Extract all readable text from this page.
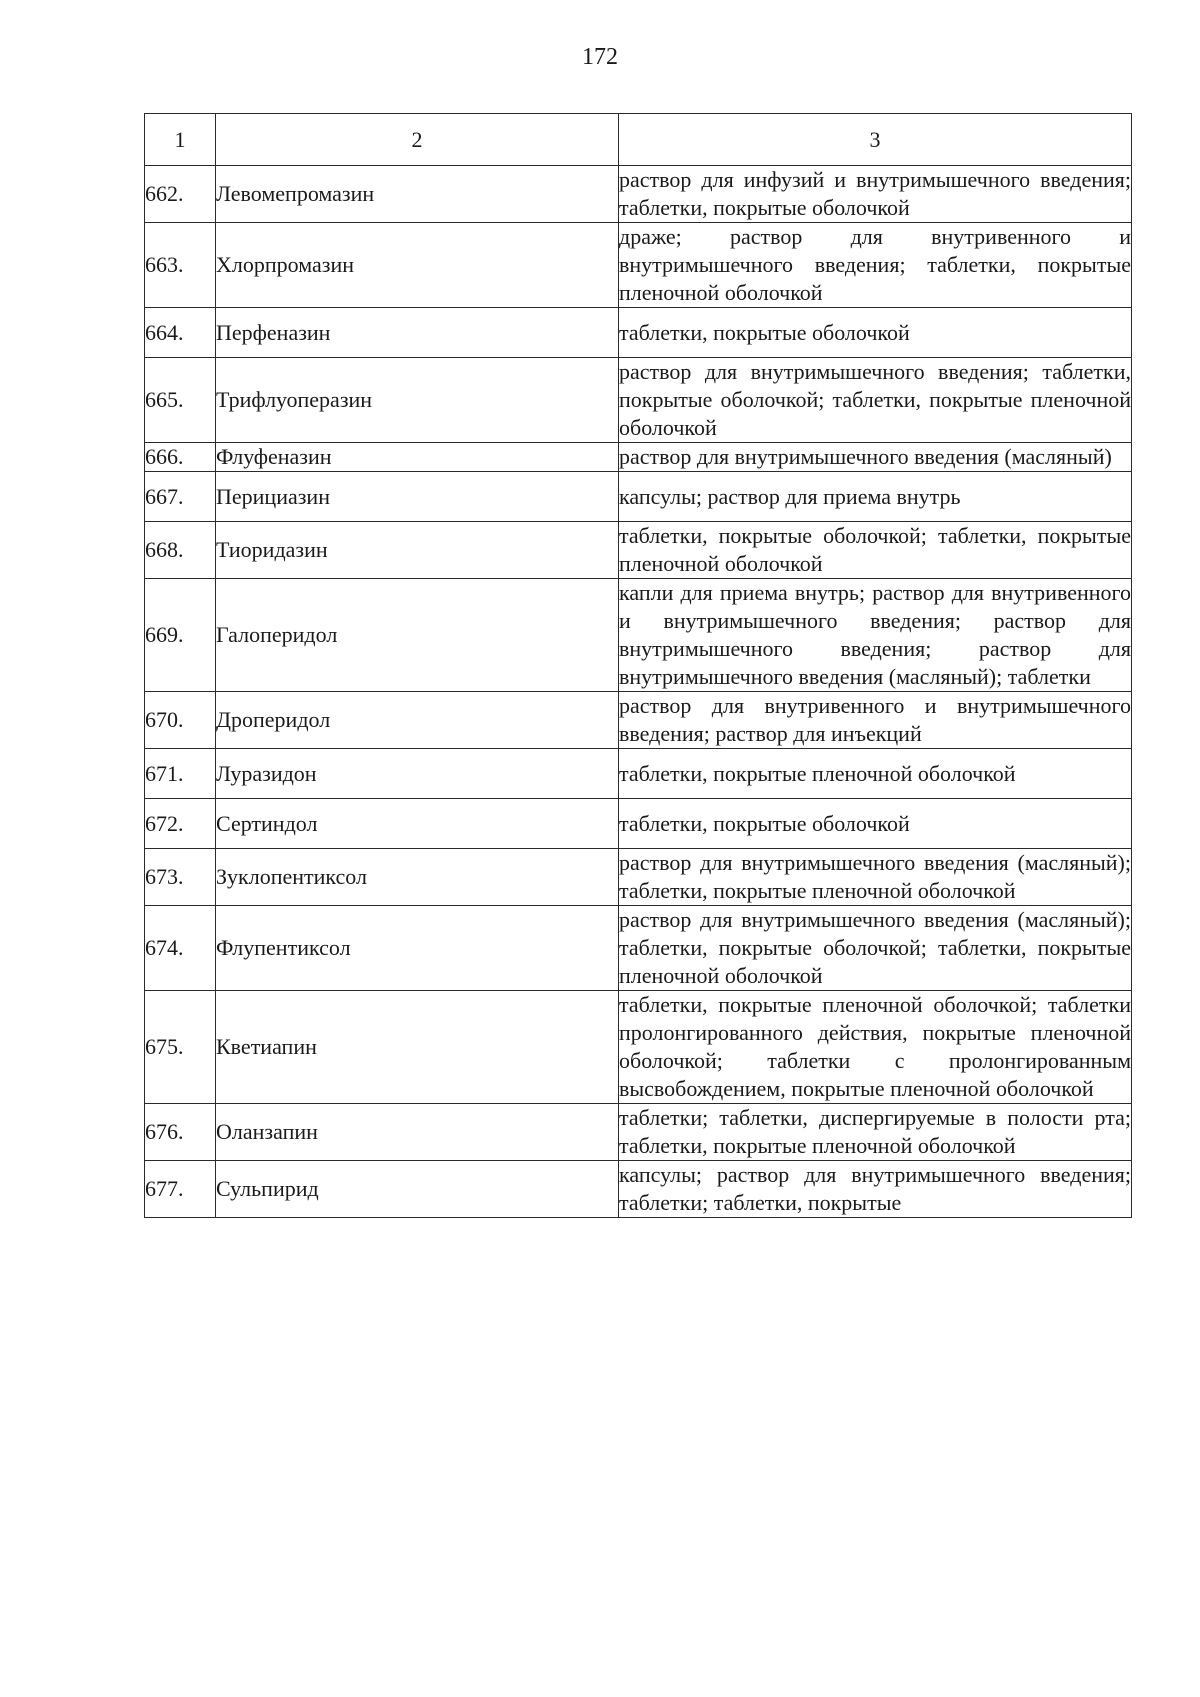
172
1	2	3
662.	Левомепромазин	раствор для инфузий и внутримышечного введения; таблетки, покрытые оболочкой
663.	Хлорпромазин	драже; раствор для внутривенного и внутримышечного введения; таблетки, покрытые пленочной оболочкой
664.	Перфеназин	таблетки, покрытые оболочкой
665.	Трифлуоперазин	раствор для внутримышечного введения; таблетки, покрытые оболочкой; таблетки, покрытые пленочной оболочкой
666.	Флуфеназин	раствор для внутримышечного введения (масляный)
667.	Перициазин	капсулы; раствор для приема внутрь
668.	Тиоридазин	таблетки, покрытые оболочкой; таблетки, покрытые пленочной оболочкой
669.	Галоперидол	капли для приема внутрь; раствор для внутривенного и внутримышечного введения; раствор для внутримышечного введения; раствор для внутримышечного введения (масляный); таблетки
670.	Дроперидол	раствор для внутривенного и внутримышечного введения; раствор для инъекций
671.	Луразидон	таблетки, покрытые пленочной оболочкой
672.	Сертиндол	таблетки, покрытые оболочкой
673.	Зуклопентиксол	раствор для внутримышечного введения (масляный); таблетки, покрытые пленочной оболочкой
674.	Флупентиксол	раствор для внутримышечного введения (масляный); таблетки, покрытые оболочкой; таблетки, покрытые пленочной оболочкой
675.	Кветиапин	таблетки, покрытые пленочной оболочкой; таблетки пролонгированного действия, покрытые пленочной оболочкой; таблетки с пролонгированным высвобождением, покрытые пленочной оболочкой
676.	Оланзапин	таблетки; таблетки, диспергируемые в полости рта; таблетки, покрытые пленочной оболочкой
677.	Сульпирид	капсулы; раствор для внутримышечного введения; таблетки; таблетки, покрытые
